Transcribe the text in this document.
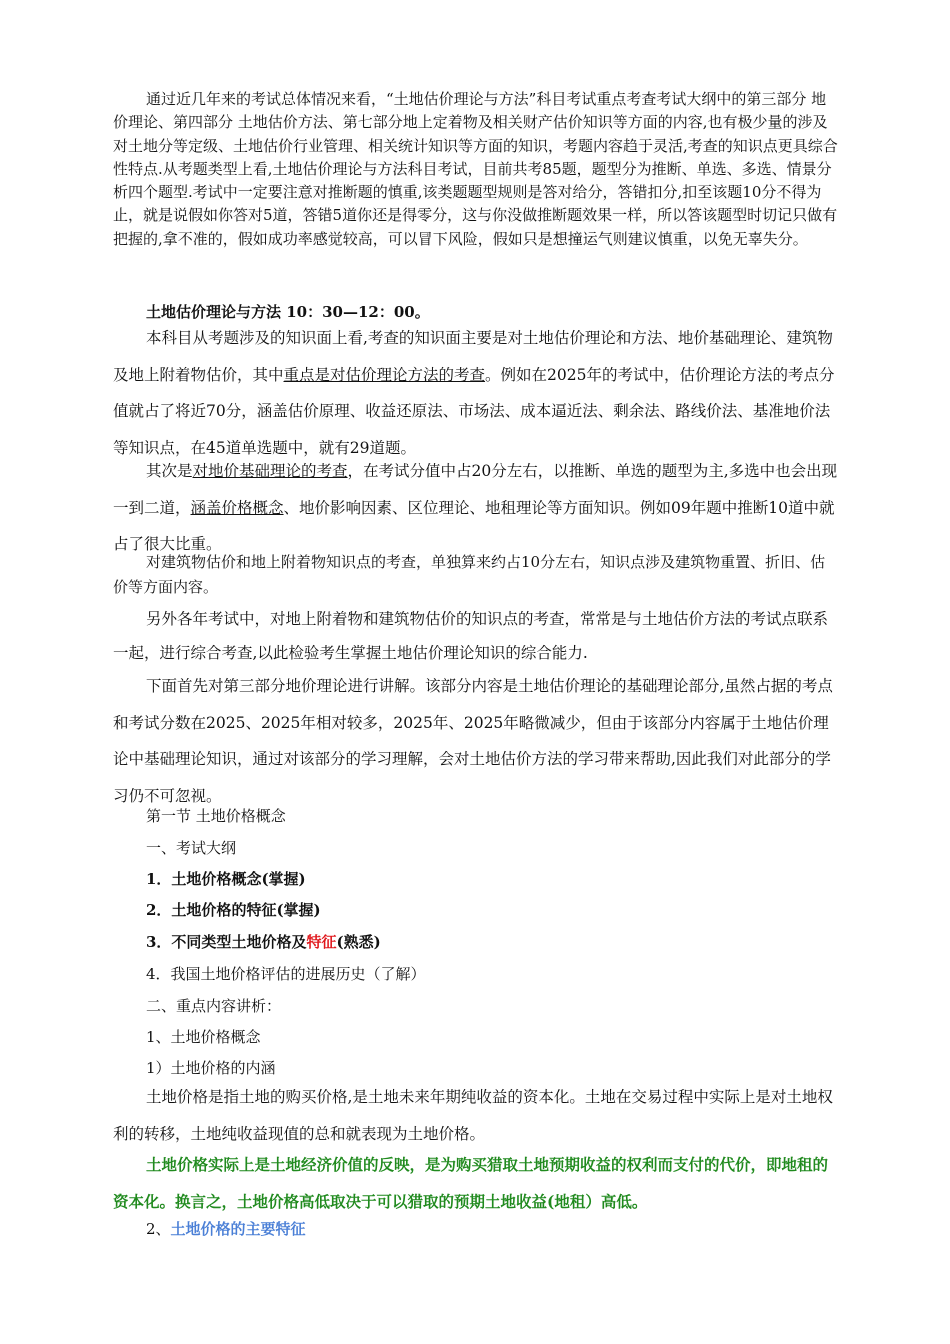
通过近几年来的考试总体情况来看，“土地估价理论与方法”科目考试重点考查考试大纲中的第三部分 地价理论、第四部分 土地估价方法、第七部分地上定着物及相关财产估价知识等方面的内容,也有极少量的涉及对土地分等定级、土地估价行业管理、相关统计知识等方面的知识，考题内容趋于灵活,考查的知识点更具综合性特点.从考题类型上看,土地估价理论与方法科目考试，目前共考85题，题型分为推断、单选、多选、情景分析四个题型.考试中一定要注意对推断题的慎重,该类题题型规则是答对给分，答错扣分,扣至该题10分不得为止，就是说假如你答对5道，答错5道你还是得零分，这与你没做推断题效果一样，所以答该题型时切记只做有把握的,拿不准的，假如成功率感觉较高，可以冒下风险，假如只是想撞运气则建议慎重，以免无辜失分。

土地估价理论与方法 10：30—12：00。

本科目从考题涉及的知识面上看,考查的知识面主要是对土地估价理论和方法、地价基础理论、建筑物及地上附着物估价，其中重点是对估价理论方法的考查。例如在2025年的考试中，估价理论方法的考点分值就占了将近70分，涵盖估价原理、收益还原法、市场法、成本逼近法、剩余法、路线价法、基准地价法等知识点，在45道单选题中，就有29道题。

其次是对地价基础理论的考查，在考试分值中占20分左右，以推断、单选的题型为主,多选中也会出现一到二道，涵盖价格概念、地价影响因素、区位理论、地租理论等方面知识。例如09年题中推断10道中就占了很大比重。

对建筑物估价和地上附着物知识点的考查，单独算来约占10分左右，知识点涉及建筑物重置、折旧、估价等方面内容。

另外各年考试中，对地上附着物和建筑物估价的知识点的考查，常常是与土地估价方法的考试点联系一起，进行综合考查,以此检验考生掌握土地估价理论知识的综合能力.

下面首先对第三部分地价理论进行讲解。该部分内容是土地估价理论的基础理论部分,虽然占据的考点和考试分数在2025、2025年相对较多，2025年、2025年略微减少，但由于该部分内容属于土地估价理论中基础理论知识，通过对该部分的学习理解，会对土地估价方法的学习带来帮助,因此我们对此部分的学习仍不可忽视。

第一节 土地价格概念

一、考试大纲

1．土地价格概念(掌握)

2．土地价格的特征(掌握)

3．不同类型土地价格及特征(熟悉)

4．我国土地价格评估的进展历史（了解）

二、重点内容讲析：

1、土地价格概念

1）土地价格的内涵

土地价格是指土地的购买价格,是土地未来年期纯收益的资本化。土地在交易过程中实际上是对土地权利的转移，土地纯收益现值的总和就表现为土地价格。

土地价格实际上是土地经济价值的反映，是为购买猎取土地预期收益的权利而支付的代价，即地租的资本化。换言之，土地价格高低取决于可以猎取的预期土地收益(地租）高低。

2、土地价格的主要特征
